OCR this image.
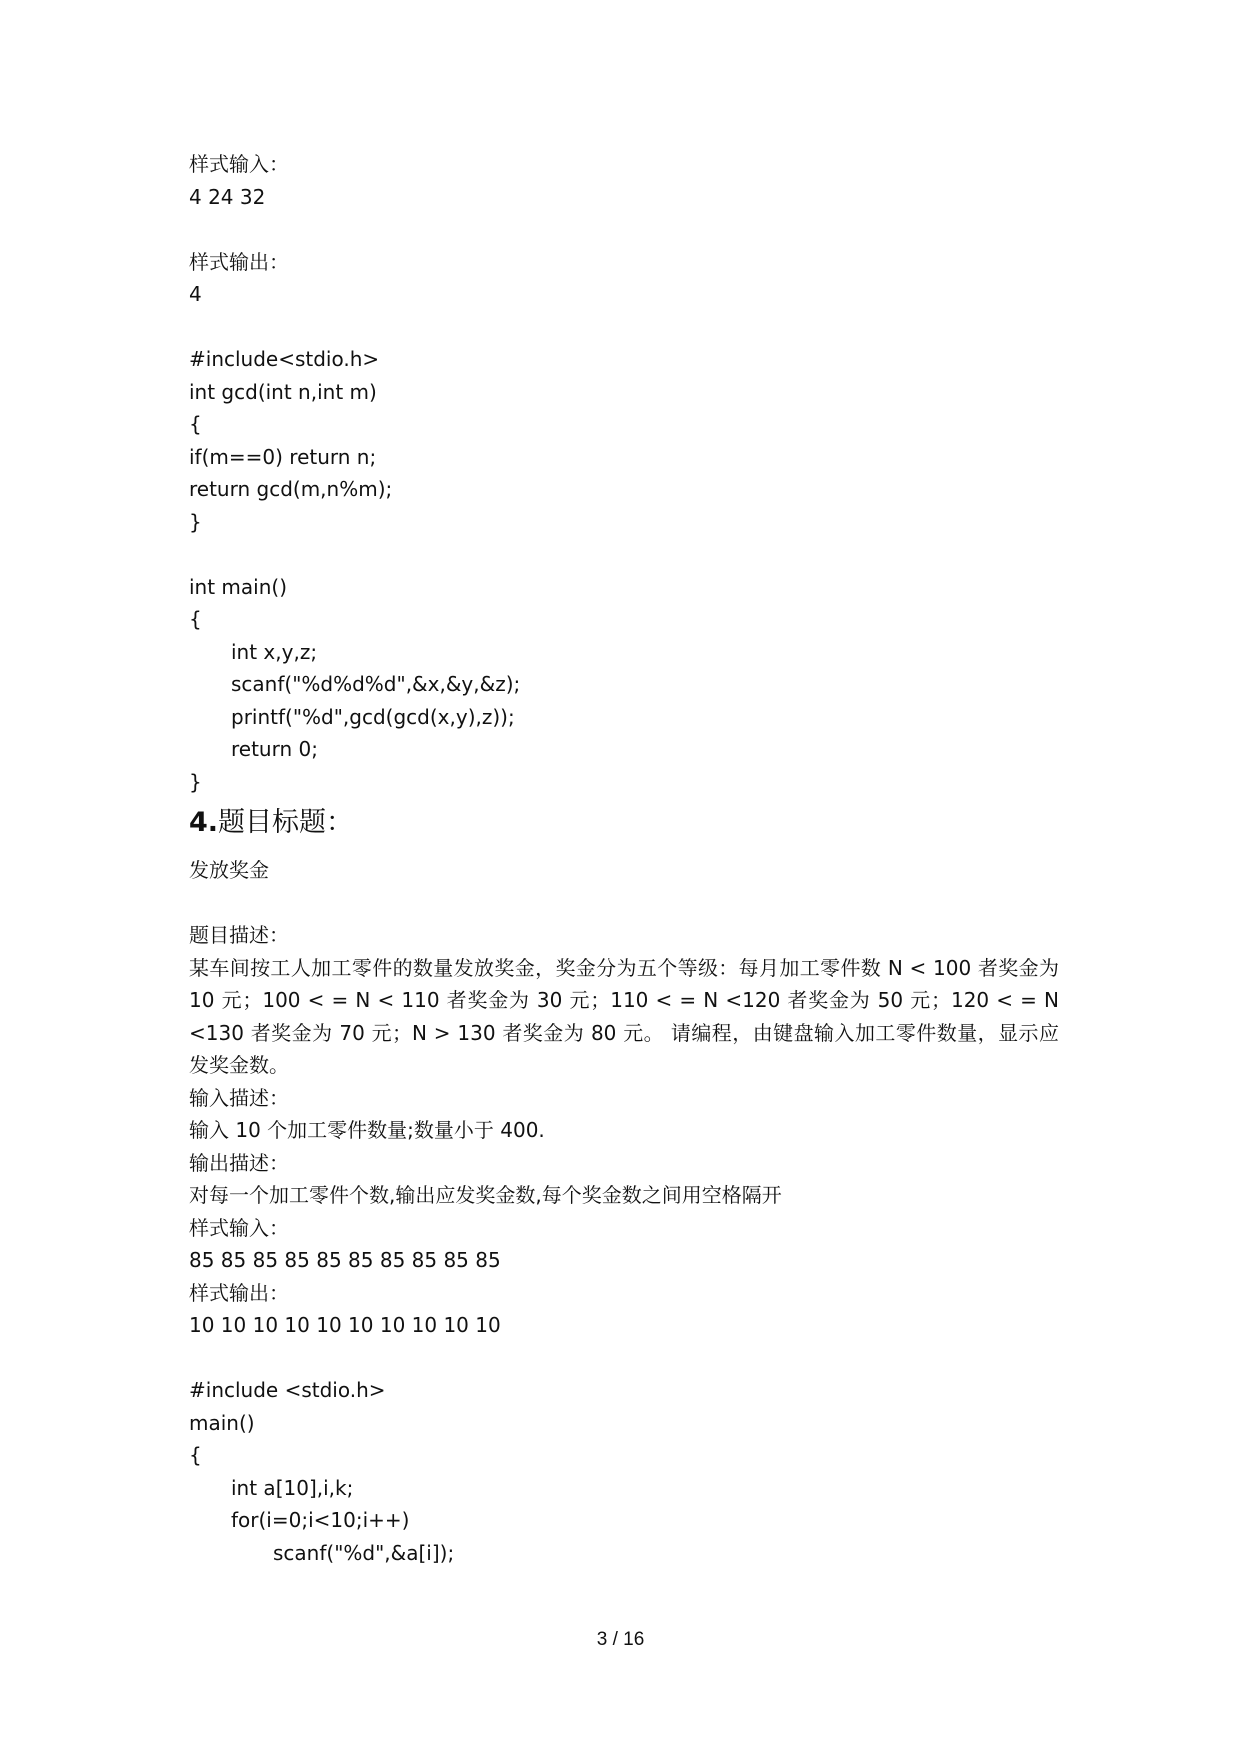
样式输入：
4 24 32
样式输出：
4
#include<stdio.h>
int gcd(int n,int m)
{
if(m==0) return n;
return gcd(m,n%m);
}
int main()
{
int x,y,z;
scanf("%d%d%d",&x,&y,&z);
printf("%d",gcd(gcd(x,y),z));
return 0;
}
4.题目标题：
发放奖金
题目描述：
某车间按工人加工零件的数量发放奖金，奖金分为五个等级：每月加工零件数 N < 100 者奖金为 10 元；100 < = N < 110 者奖金为 30 元；110 < = N <120 者奖金为 50 元；120 < = N <130 者奖金为 70 元；N > 130 者奖金为 80 元。 请编程，由键盘输入加工零件数量，显示应发奖金数。
输入描述：
输入 10 个加工零件数量;数量小于 400.
输出描述：
对每一个加工零件个数,输出应发奖金数,每个奖金数之间用空格隔开
样式输入：
85 85 85 85 85 85 85 85 85 85
样式输出：
10 10 10 10 10 10 10 10 10 10
#include <stdio.h>
main()
{
int a[10],i,k;
for(i=0;i<10;i++)
scanf("%d",&a[i]);
3 / 16
